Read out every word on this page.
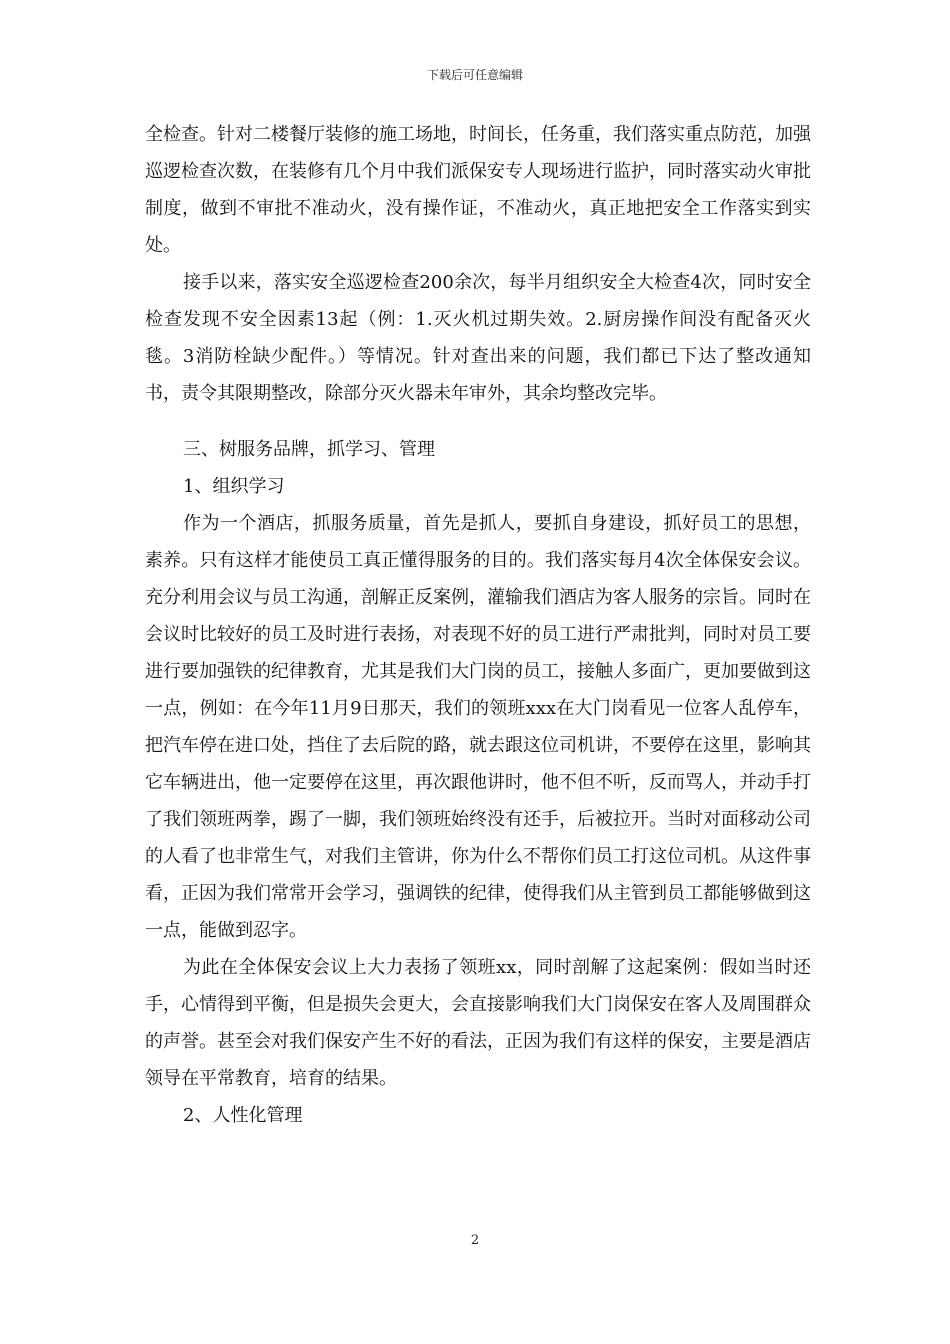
下载后可任意编辑

全检查。针对二楼餐厅装修的施工场地，时间长，任务重，我们落实重点防范，加强巡逻检查次数，在装修有几个月中我们派保安专人现场进行监护，同时落实动火审批制度，做到不审批不准动火，没有操作证，不准动火，真正地把安全工作落实到实处。

接手以来，落实安全巡逻检查200余次，每半月组织安全大检查4次，同时安全检查发现不安全因素13起（例：1.灭火机过期失效。2.厨房操作间没有配备灭火毯。3消防栓缺少配件。）等情况。针对查出来的问题，我们都已下达了整改通知书，责令其限期整改，除部分灭火器未年审外，其余均整改完毕。

三、树服务品牌，抓学习、管理

1、组织学习

作为一个酒店，抓服务质量，首先是抓人，要抓自身建设，抓好员工的思想，素养。只有这样才能使员工真正懂得服务的目的。我们落实每月4次全体保安会议。充分利用会议与员工沟通，剖解正反案例，灌输我们酒店为客人服务的宗旨。同时在会议时比较好的员工及时进行表扬，对表现不好的员工进行严肃批判，同时对员工要进行要加强铁的纪律教育，尤其是我们大门岗的员工，接触人多面广，更加要做到这一点，例如：在今年11月9日那天，我们的领班xxx在大门岗看见一位客人乱停车，把汽车停在进口处，挡住了去后院的路，就去跟这位司机讲，不要停在这里，影响其它车辆进出，他一定要停在这里，再次跟他讲时，他不但不听，反而骂人，并动手打了我们领班两拳，踢了一脚，我们领班始终没有还手，后被拉开。当时对面移动公司的人看了也非常生气，对我们主管讲，你为什么不帮你们员工打这位司机。从这件事看，正因为我们常常开会学习，强调铁的纪律，使得我们从主管到员工都能够做到这一点，能做到忍字。

为此在全体保安会议上大力表扬了领班xx，同时剖解了这起案例：假如当时还手，心情得到平衡，但是损失会更大，会直接影响我们大门岗保安在客人及周围群众的声誉。甚至会对我们保安产生不好的看法，正因为我们有这样的保安，主要是酒店领导在平常教育，培育的结果。

2、人性化管理

2
